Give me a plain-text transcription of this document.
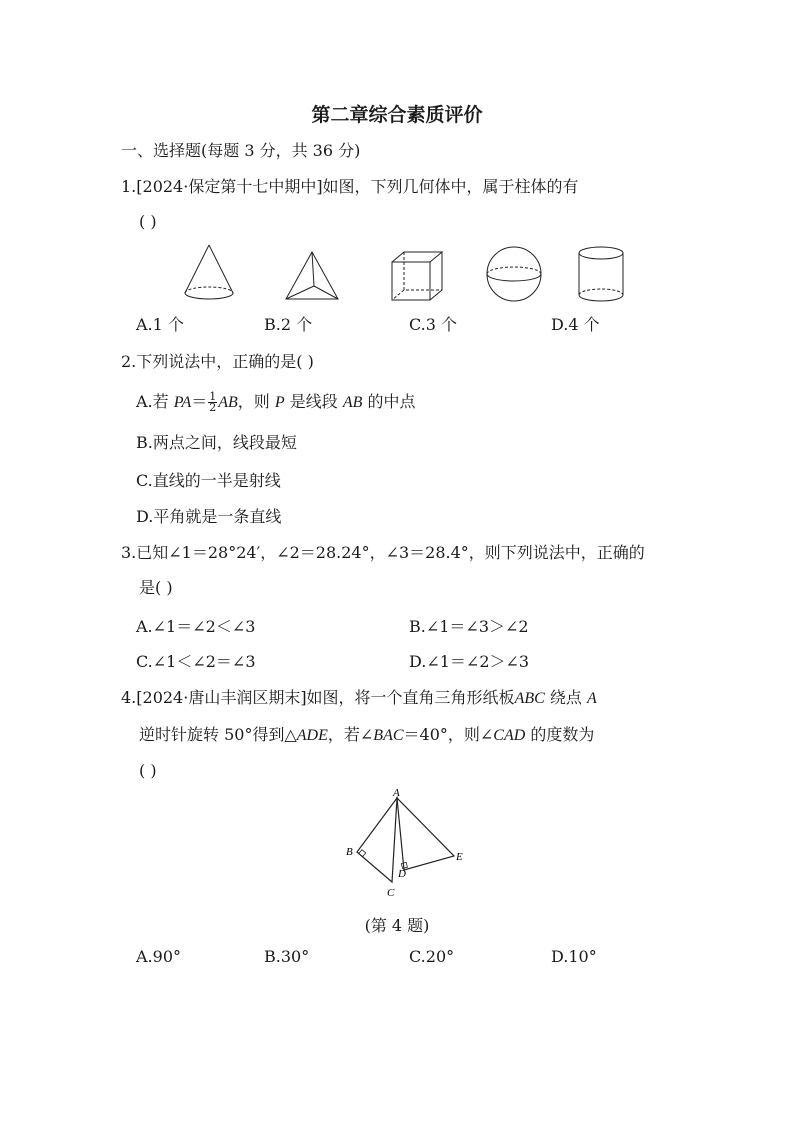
第二章综合素质评价
一、选择题(每题 3 分，共 36 分)
1.[2024·保定第十七中期中]如图，下列几何体中，属于柱体的有
( )
A.1 个	B.2 个	C.3 个	D.4 个
2.下列说法中，正确的是( )
A.若 $PA= \frac{1}{2}$ AB，则 P 是线段 AB 的中点
B.两点之间，线段最短
C.直线的一半是射线
D.平角就是一条直线
3.已知∠1＝28°24′，∠2＝28.24°，∠3＝28.4°，则下列说法中，正确的
是( )
A.∠1＝∠2＜∠3	B.∠1＝∠3＞∠2
C.∠1＜∠2＝∠3	D.∠1＝∠2＞∠3
4.[2024·唐山丰润区期末]如图，将一个直角三角形纸板ABC 绕点 A
逆时针旋转 50°得到△ADE，若∠BAC＝40°，则∠CAD 的度数为
( )
A
B
C
D
E
(第 4 题)
A.90°	B.30°	C.20°	D.10°
